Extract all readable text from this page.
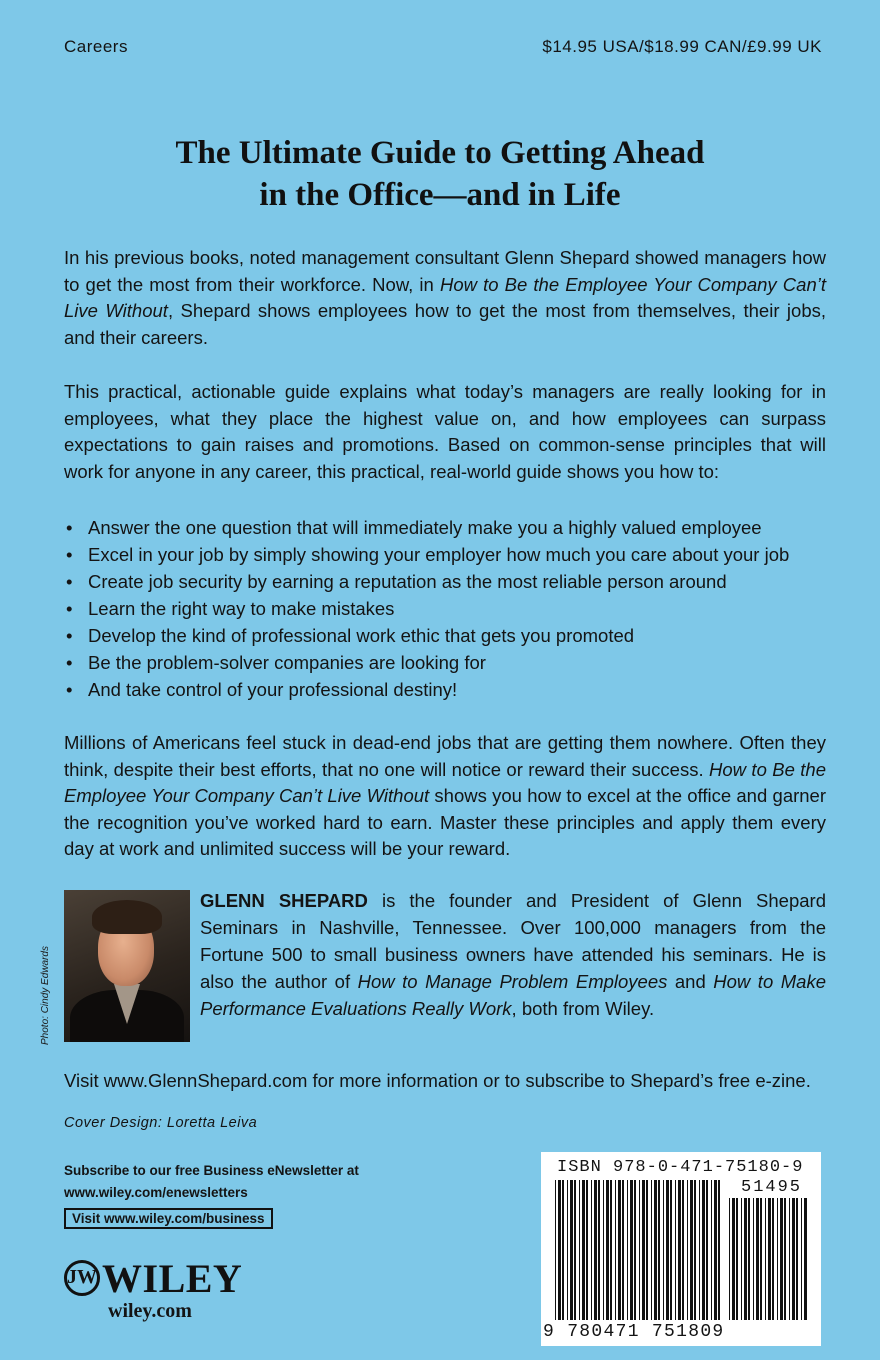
Careers	$14.95 USA/$18.99 CAN/£9.99 UK
The Ultimate Guide to Getting Ahead
in the Office—and in Life

In his previous books, noted management consultant Glenn Shepard showed managers how to get the most from their workforce. Now, in How to Be the Employee Your Company Can’t Live Without, Shepard shows employees how to get the most from themselves, their jobs, and their careers.

This practical, actionable guide explains what today’s managers are really looking for in employees, what they place the highest value on, and how employees can surpass expectations to gain raises and promotions. Based on common-sense principles that will work for anyone in any career, this practical, real-world guide shows you how to:

• Answer the one question that will immediately make you a highly valued employee
• Excel in your job by simply showing your employer how much you care about your job
• Create job security by earning a reputation as the most reliable person around
• Learn the right way to make mistakes
• Develop the kind of professional work ethic that gets you promoted
• Be the problem-solver companies are looking for
• And take control of your professional destiny!

Millions of Americans feel stuck in dead-end jobs that are getting them nowhere. Often they think, despite their best efforts, that no one will notice or reward their success. How to Be the Employee Your Company Can’t Live Without shows you how to excel at the office and garner the recognition you’ve worked hard to earn. Master these principles and apply them every day at work and unlimited success will be your reward.

Photo: Cindy Edwards

GLENN SHEPARD is the founder and President of Glenn Shepard Seminars in Nashville, Tennessee. Over 100,000 managers from the Fortune 500 to small business owners have attended his seminars. He is also the author of How to Manage Problem Employees and How to Make Performance Evaluations Really Work, both from Wiley.

Visit www.GlennShepard.com for more information or to subscribe to Shepard’s free e-zine.
Cover Design: Loretta Leiva
Subscribe to our free Business eNewsletter at
www.wiley.com/enewsletters
Visit www.wiley.com/business
JW WILEY
wiley.com
ISBN 978-0-471-75180-9
51495
9 780471 751809
